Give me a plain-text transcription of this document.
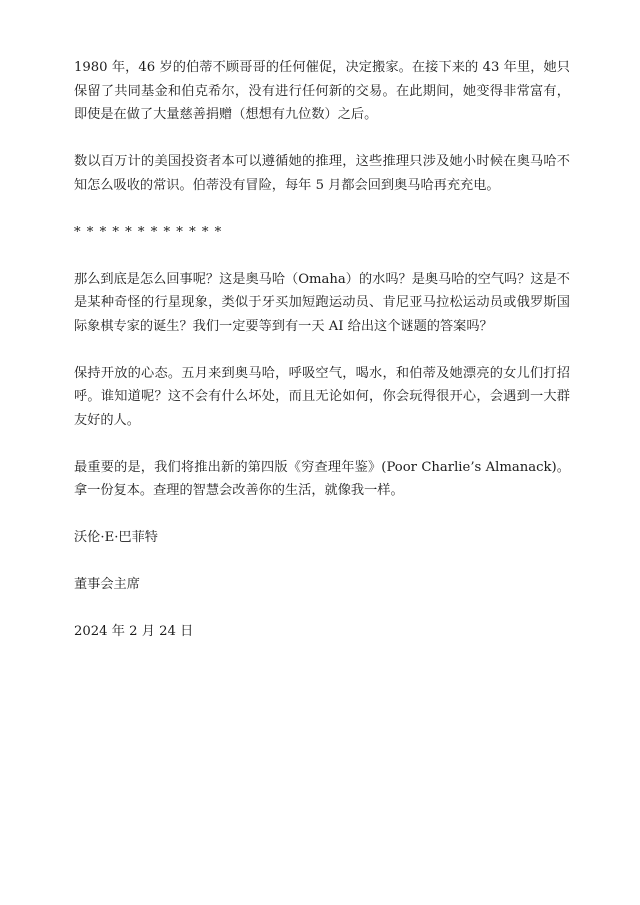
1980 年，46 岁的伯蒂不顾哥哥的任何催促，决定搬家。在接下来的 43 年里，她只保留了共同基金和伯克希尔，没有进行任何新的交易。在此期间，她变得非常富有，即使是在做了大量慈善捐赠（想想有九位数）之后。

数以百万计的美国投资者本可以遵循她的推理，这些推理只涉及她小时候在奥马哈不知怎么吸收的常识。伯蒂没有冒险，每年 5 月都会回到奥马哈再充充电。

* * * * * * * * * * * *

那么到底是怎么回事呢？这是奥马哈（Omaha）的水吗？是奥马哈的空气吗？这是不是某种奇怪的行星现象，类似于牙买加短跑运动员、肯尼亚马拉松运动员或俄罗斯国际象棋专家的诞生？我们一定要等到有一天 AI 给出这个谜题的答案吗？

保持开放的心态。五月来到奥马哈，呼吸空气，喝水，和伯蒂及她漂亮的女儿们打招呼。谁知道呢？这不会有什么坏处，而且无论如何，你会玩得很开心，会遇到一大群友好的人。

最重要的是，我们将推出新的第四版《穷查理年鉴》(Poor Charlie’s Almanack)。拿一份复本。查理的智慧会改善你的生活，就像我一样。

沃伦·E·巴菲特

董事会主席

2024 年 2 月 24 日
